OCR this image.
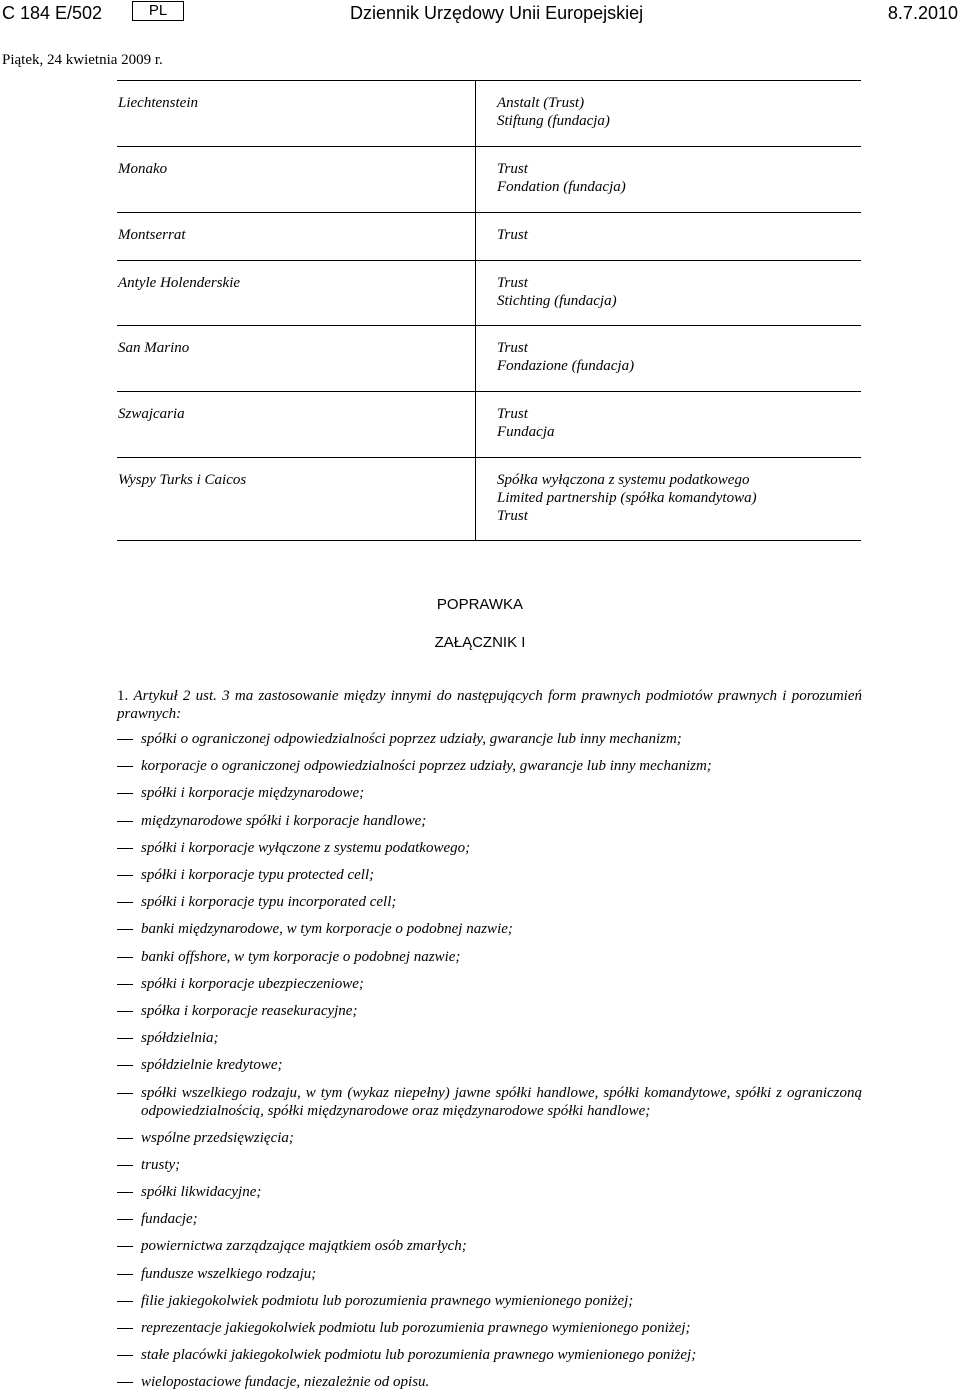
C 184 E/502	PL	Dziennik Urzędowy Unii Europejskiej	8.7.2010
Piątek, 24 kwietnia 2009 r.
Liechtenstein	Anstalt (Trust)
Stiftung (fundacja)
Monako	Trust
Fondation (fundacja)
Montserrat	Trust
Antyle Holenderskie	Trust
Stichting (fundacja)
San Marino	Trust
Fondazione (fundacja)
Szwajcaria	Trust
Fundacja
Wyspy Turks i Caicos	Spółka wyłączona z systemu podatkowego
Limited partnership (spółka komandytowa)
Trust
POPRAWKA
ZAŁĄCZNIK I
1. Artykuł 2 ust. 3 ma zastosowanie między innymi do następujących form prawnych podmiotów prawnych i porozumień prawnych:
spółki o ograniczonej odpowiedzialności poprzez udziały, gwarancje lub inny mechanizm;
korporacje o ograniczonej odpowiedzialności poprzez udziały, gwarancje lub inny mechanizm;
spółki i korporacje międzynarodowe;
międzynarodowe spółki i korporacje handlowe;
spółki i korporacje wyłączone z systemu podatkowego;
spółki i korporacje typu protected cell;
spółki i korporacje typu incorporated cell;
banki międzynarodowe, w tym korporacje o podobnej nazwie;
banki offshore, w tym korporacje o podobnej nazwie;
spółki i korporacje ubezpieczeniowe;
spółka i korporacje reasekuracyjne;
spółdzielnia;
spółdzielnie kredytowe;
spółki wszelkiego rodzaju, w tym (wykaz niepełny) jawne spółki handlowe, spółki komandytowe, spółki z ograniczoną odpowiedzialnością, spółki międzynarodowe oraz międzynarodowe spółki handlowe;
wspólne przedsięwzięcia;
trusty;
spółki likwidacyjne;
fundacje;
powiernictwa zarządzające majątkiem osób zmarłych;
fundusze wszelkiego rodzaju;
filie jakiegokolwiek podmiotu lub porozumienia prawnego wymienionego poniżej;
reprezentacje jakiegokolwiek podmiotu lub porozumienia prawnego wymienionego poniżej;
stałe placówki jakiegokolwiek podmiotu lub porozumienia prawnego wymienionego poniżej;
wielopostaciowe fundacje, niezależnie od opisu.
